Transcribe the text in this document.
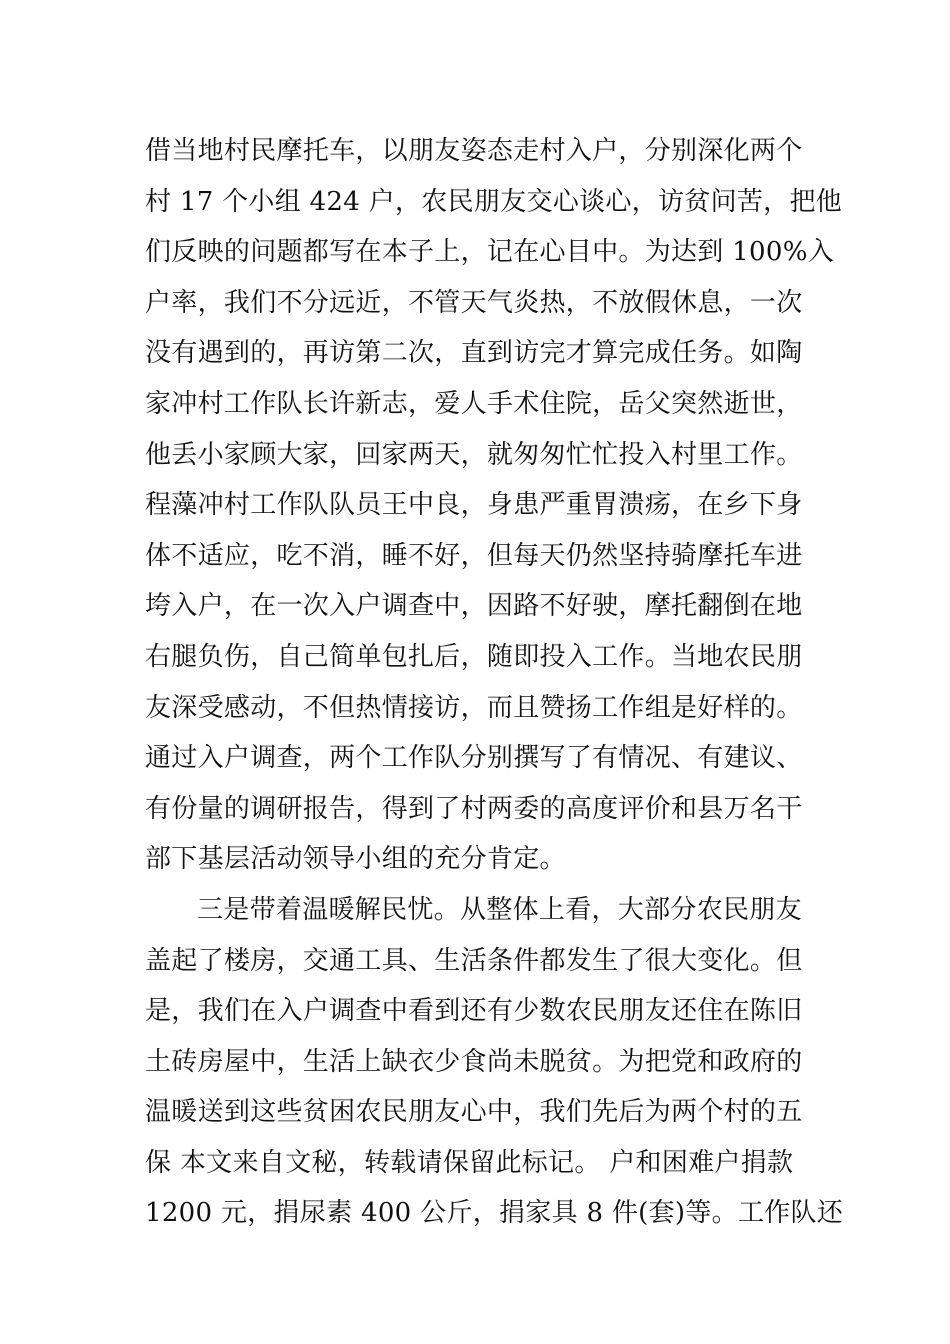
借当地村民摩托车，以朋友姿态走村入户，分别深化两个
村 17 个小组 424 户，农民朋友交心谈心，访贫问苦，把他
们反映的问题都写在本子上，记在心目中。为达到 100%入
户率，我们不分远近，不管天气炎热，不放假休息，一次
没有遇到的，再访第二次，直到访完才算完成任务。如陶
家冲村工作队长许新志，爱人手术住院，岳父突然逝世，
他丢小家顾大家，回家两天，就匆匆忙忙投入村里工作。
程藻冲村工作队队员王中良，身患严重胃溃疡，在乡下身
体不适应，吃不消，睡不好，但每天仍然坚持骑摩托车进
垮入户，在一次入户调查中，因路不好驶，摩托翻倒在地
右腿负伤，自己简单包扎后，随即投入工作。当地农民朋
友深受感动，不但热情接访，而且赞扬工作组是好样的。
通过入户调查，两个工作队分别撰写了有情况、有建议、
有份量的调研报告，得到了村两委的高度评价和县万名干
部下基层活动领导小组的充分肯定。
三是带着温暖解民忧。从整体上看，大部分农民朋友
盖起了楼房，交通工具、生活条件都发生了很大变化。但
是，我们在入户调查中看到还有少数农民朋友还住在陈旧
土砖房屋中，生活上缺衣少食尚未脱贫。为把党和政府的
温暖送到这些贫困农民朋友心中，我们先后为两个村的五
保 本文来自文秘，转载请保留此标记。 户和困难户捐款
1200 元，捐尿素 400 公斤，捐家具 8 件(套)等。工作队还
